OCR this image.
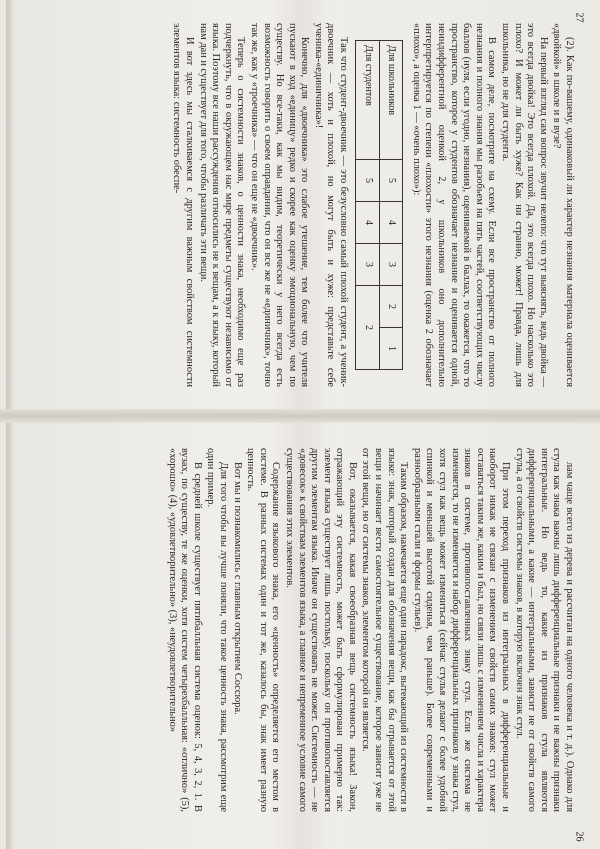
27
26

(2). Как по-вашему, одинаковый ли характер незнания материала оценивается «двойкой» в школе и в вузе?

На первый взгляд сам вопрос звучит нелепо: что тут выяснять, ведь двойка — это всегда двойка! Это всегда плохой. Да, это всегда плохо. Но насколько это плохо? И может ли быть хуже? Как ни странно, может! Правда, лишь для школьника, но не для студента.

В самом деле, посмотрите на схему. Если все пространство от полного незнания и полного знания мы разобьем на пять частей, соответствующих числу баллов (нуля, если угодно, незнания), оцениваемой в баллах, то окажется, что то пространство, которое у студентов обозначает незнание и оценивается одной, неиндифферентной оценкой 2, у школьников оно дополнительно интерпретируется по степени «плохости» этого незнания (оценка 2 обозначает «плохо», а оценка 1 — «очень плохо»):

Для школьников	5	4	3	2	1
Для студентов	5	4	3	2	

Так что студент-двоечник — это безусловно самый плохой студент, а ученик-двоечник — хоть и плохой, но могут быть и хуже: представьте себе ученика-«единичника»!

Конечно, для «двоечника» это слабое утешение, тем более что учителя пускают в ход «единицу» редко и скорее как оценку эмоциональную, чем по существу. Но все-таки, как мы видим, теоретически у него всегда есть возможность говорить о своем оправдании, что он все же не «единичник», точно так же, как у «троечника» — что он еще не «двоечник».

Теперь о системности знаков, о ценности знака, необходимо еще раз подчеркнуть, что в окружающем нас мире предметы существуют независимо от языка. Поэтому все наши рассуждения относились не к вещам, а к языку, который нам дан и существует для того, чтобы различать эти вещи.

И вот здесь мы сталкиваемся с другим важным свойством системности элементов языка: системность обеспе-

лам чаще всего из дерева и рассчитан на одного человека и т. д.). Однако для стула как знака важны лишь дифференциальные признаки и не важны признаки интегральные. Но ведь то, какие из признаков стула являются дифференциальными, а какие — интегральными, зависит не от свойств самого стула, а от свойств системы знаков, в которую включен знак стул.

При этом переход признаков из интегральных в дифференциальные и наоборот никак не связан с изменением свойств самих знаков: стул может оставаться таким же, каким и был, но связи лишь с изменением числа и характера знаков в системе, противопоставленных знаку стул. Если же система не изменяется, то не изменяется и набор дифференциальных признаков у знака стул, хотя стул как вещь может измениться (сейчас стулья делают с более удобной спинкой и меньшей высотой сиденья, чем раньше). Более современными и разнообразными стали и формы стульев).

Таким образом, намечается еще один парадокс, вытекающий из системности в языке: знак, который создан для обозначения вещи, как бы отрывается от этой вещи и начинает вести самостоятельное существование, которое зависит уже не от этой вещи, но от системы знаков, элементом которой он является.

Вот, оказывается, какая своеобразная вещь системность языка! Закон, отражающий эту системность, может быть сформулирован примерно так: элемент языка существует лишь постольку, поскольку он противопоставляется другим элементам языка. Иначе он существовать не может. Системность — не «довесок» к свойствам элементов языка, а главное и непременное условие самого существования этих элементов.

Содержание языкового знака, его «ценность» определяется его местом в системе. В разных системах один и тот же, казалось бы, знак имеет разную ценность.

Вот мы и познакомились с главным открытием Соссюра.

Для того чтобы вы лучше поняли, что такое ценность знака, рассмотрим еще один пример.

В средней школе существует пятибалльная система оценок: 5, 4, 3, 2, 1. В вузах, по существу, те же оценки, хотя систем четырехбалльная: «отлично» (5), «хорошо» (4), «удовлетворительно» (3), «неудовлетворительно»
